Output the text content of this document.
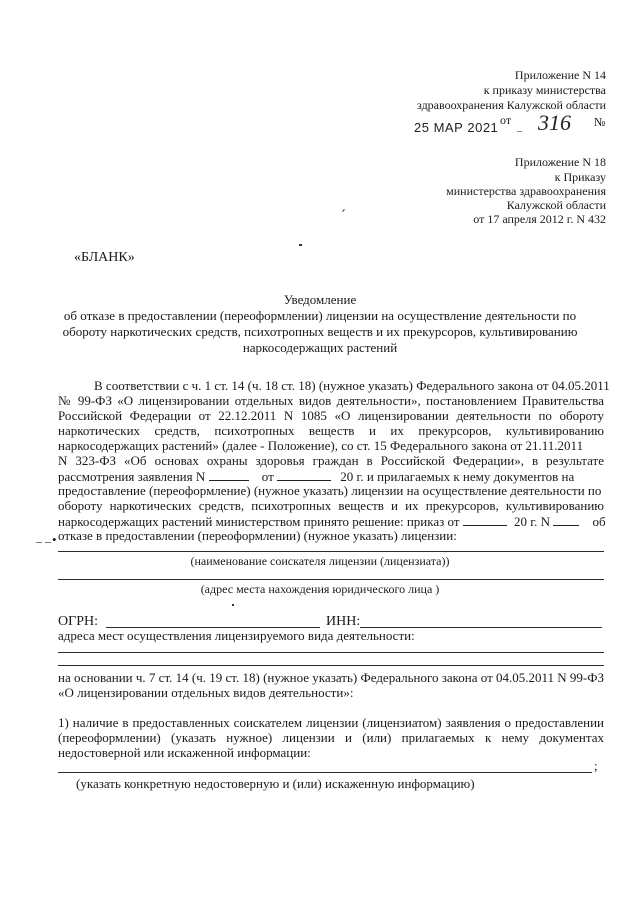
Приложение N 14
к приказу министерства
здравоохранения Калужской области
25 МАР 2021 от
– 316 №
Приложение N 18
к Приказу
министерства здравоохранения
Калужской области
от 17 апреля 2012 г. N 432
«БЛАНК»
Уведомление
об отказе в предоставлении (переоформлении) лицензии на осуществление деятельности по
обороту наркотических средств, психотропных веществ и их прекурсоров, культивированию
наркосодержащих растений
В соответствии с ч. 1 ст. 14 (ч. 18 ст. 18) (нужное указать) Федерального закона от 04.05.2011
№ 99-ФЗ «О лицензировании отдельных видов деятельности», постановлением Правительства
Российской Федерации от 22.12.2011 N 1085 «О лицензировании деятельности по обороту
наркотических средств, психотропных веществ и их прекурсоров, культивированию
наркосодержащих растений» (далее - Положение), со ст. 15 Федерального закона от 21.11.2011
N 323-ФЗ «Об основах охраны здоровья граждан в Российской Федерации», в результате
рассмотрения заявления N	от	20 г. и прилагаемых к нему документов на
предоставление (переоформление) (нужное указать) лицензии на осуществление деятельности по
обороту наркотических средств, психотропных веществ и их прекурсоров, культивированию
наркосодержащих растений министерством принято решение: приказ от	20 г. N	об
‒ ‒ • отказе в предоставлении (переоформлении) (нужное указать) лицензии:
(наименование соискателя лицензии (лицензиата))
(адрес места нахождения юридического лица )
ОГРН:	ИНН:
адреса мест осуществления лицензируемого вида деятельности:
на основании ч. 7 ст. 14 (ч. 19 ст. 18) (нужное указать) Федерального закона от 04.05.2011 N 99-ФЗ
«О лицензировании отдельных видов деятельности»:
1) наличие в предоставленных соискателем лицензии (лицензиатом) заявления о предоставлении
(переоформлении) (указать нужное) лицензии и (или) прилагаемых к нему документах
недостоверной или искаженной информации:
;
(указать конкретную недостоверную и (или) искаженную информацию)
